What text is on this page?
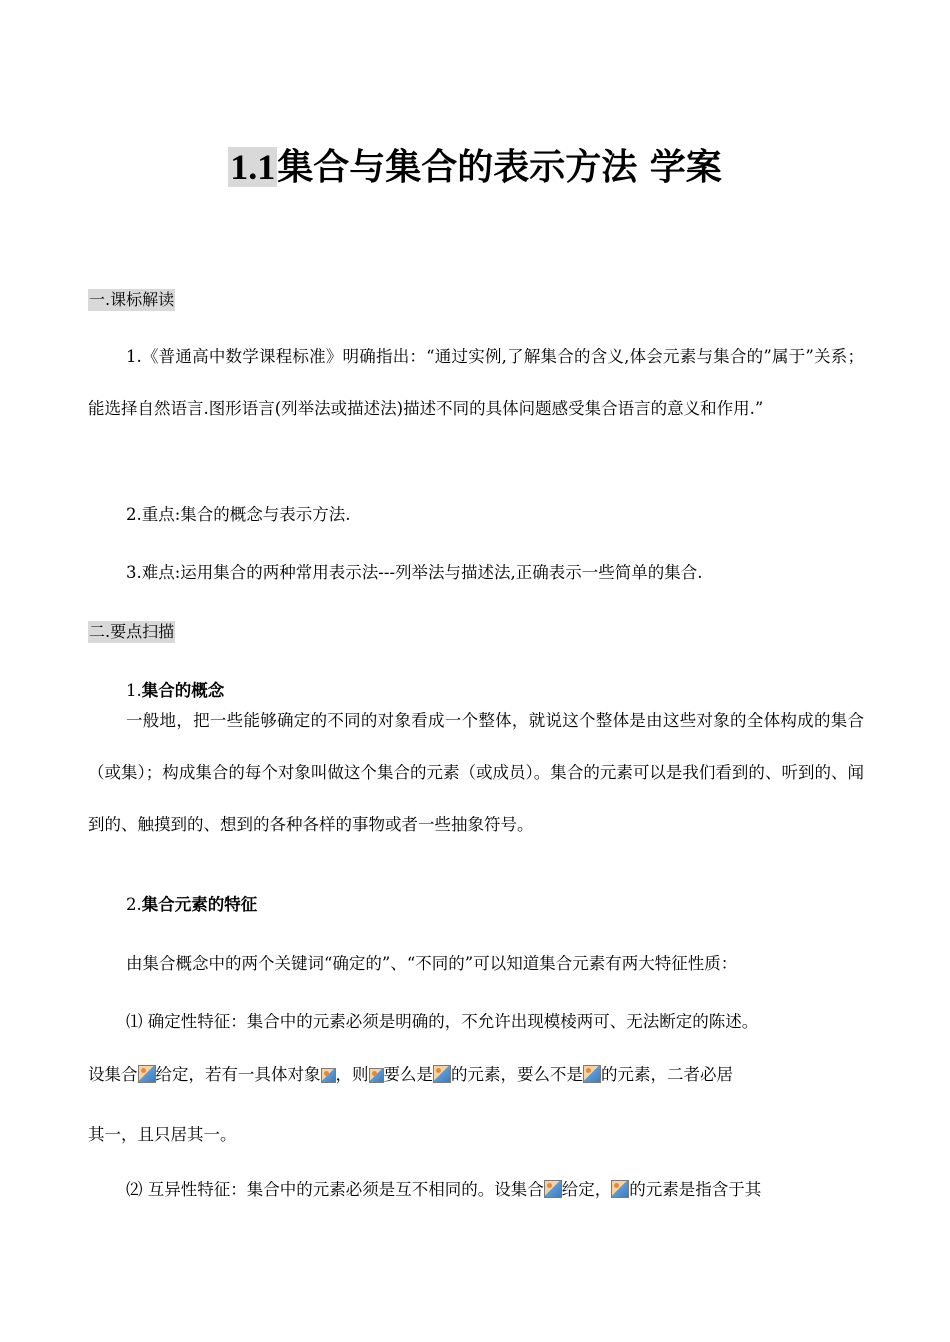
1.1集合与集合的表示方法 学案
一.课标解读

1.《普通高中数学课程标准》明确指出：“通过实例,了解集合的含义,体会元素与集合的”属于”关系；能选择自然语言.图形语言(列举法或描述法)描述不同的具体问题感受集合语言的意义和作用.”

2.重点:集合的概念与表示方法.

3.难点:运用集合的两种常用表示法---列举法与描述法,正确表示一些简单的集合.

二.要点扫描
1.集合的概念

一般地，把一些能够确定的不同的对象看成一个整体，就说这个整体是由这些对象的全体构成的集合（或集）；构成集合的每个对象叫做这个集合的元素（或成员）。集合的元素可以是我们看到的、听到的、闻到的、触摸到的、想到的各种各样的事物或者一些抽象符号。

2.集合元素的特征
由集合概念中的两个关键词“确定的”、“不同的”可以知道集合元素有两大特征性质：
⑴ 确定性特征：集合中的元素必须是明确的，不允许出现模棱两可、无法断定的陈述。
设集合 给定，若有一具体对象 ，则 要么是 的元素，要么不是 的元素，二者必居
其一，且只居其一。
⑵ 互异性特征：集合中的元素必须是互不相同的。设集合 给定， 的元素是指含于其
